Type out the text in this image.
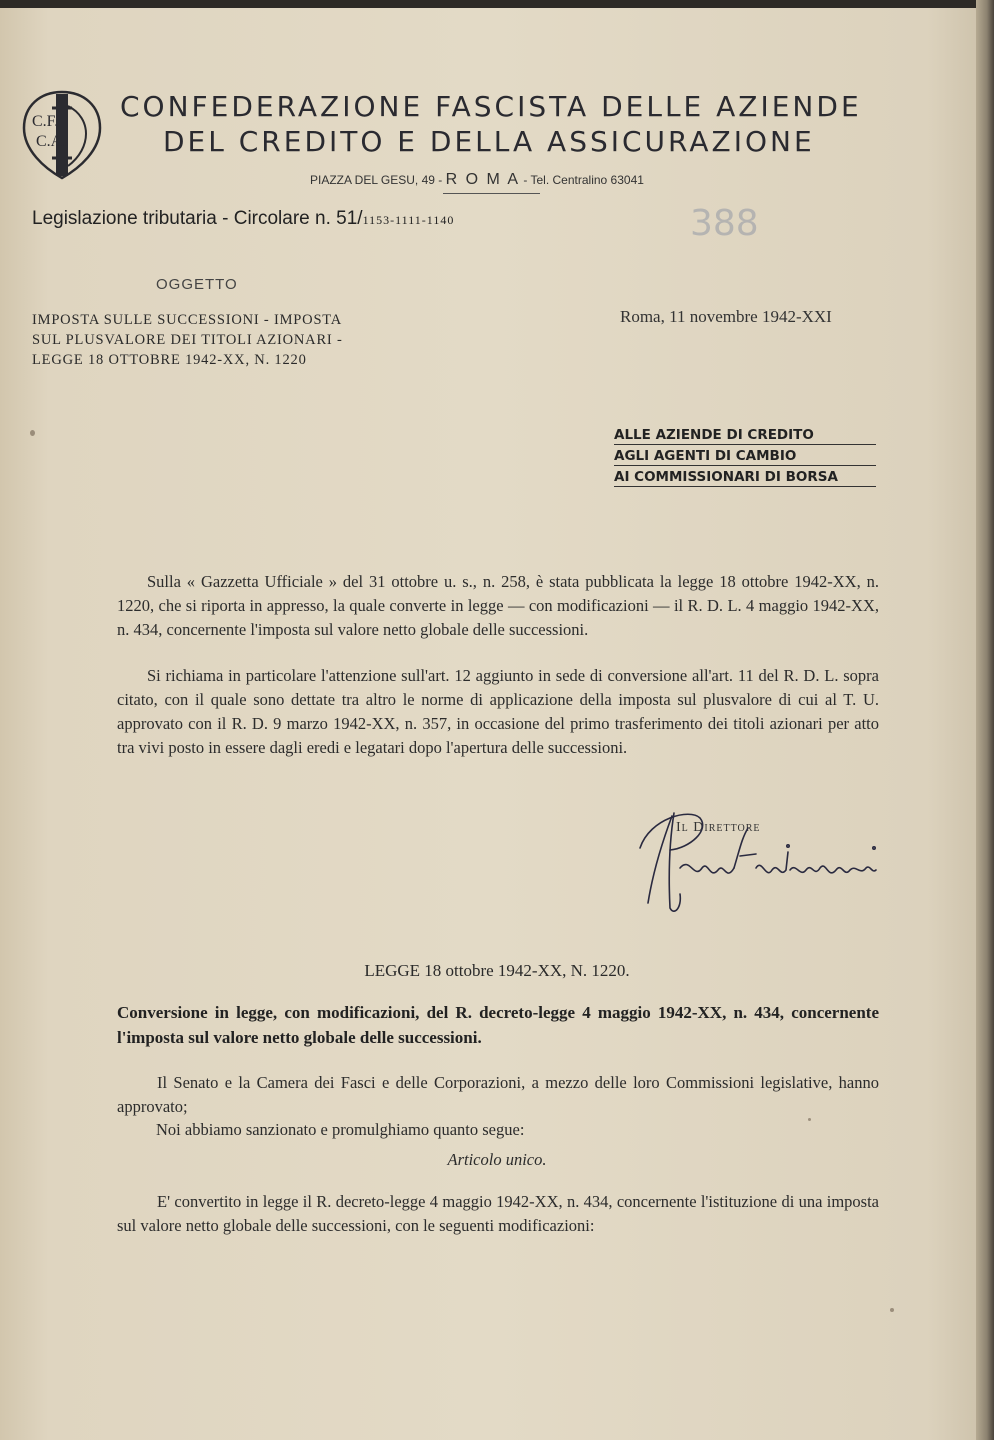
C.F.
C.A.
CONFEDERAZIONE FASCISTA DELLE AZIENDE
DEL CREDITO E DELLA ASSICURAZIONE
PIAZZA DEL GESU, 49 - R O M A - Tel. Centralino 63041
Legislazione tributaria - Circolare n. 51/1153-1111-1140	388
OGGETTO
IMPOSTA SULLE SUCCESSIONI - IMPOSTA
SUL PLUSVALORE DEI TITOLI AZIONARI -
LEGGE 18 OTTOBRE 1942-XX, N. 1220
Roma, 11 novembre 1942-XXI
ALLE AZIENDE DI CREDITO
AGLI AGENTI DI CAMBIO
AI COMMISSIONARI DI BORSA
Sulla « Gazzetta Ufficiale » del 31 ottobre u. s., n. 258, è stata pubblicata la legge 18 ottobre 1942-XX, n. 1220, che si riporta in appresso, la quale converte in legge — con modificazioni — il R. D. L. 4 maggio 1942-XX, n. 434, concernente l'imposta sul valore netto globale delle successioni.
Si richiama in particolare l'attenzione sull'art. 12 aggiunto in sede di conversione all'art. 11 del R. D. L. sopra citato, con il quale sono dettate tra altro le norme di applicazione della imposta sul plusvalore di cui al T. U. approvato con il R. D. 9 marzo 1942-XX, n. 357, in occasione del primo trasferimento dei titoli azionari per atto tra vivi posto in essere dagli eredi e legatari dopo l'apertura delle successioni.
Il Direttore
LEGGE 18 ottobre 1942-XX, N. 1220.
Conversione in legge, con modificazioni, del R. decreto-legge 4 maggio 1942-XX, n. 434, concernente l'imposta sul valore netto globale delle successioni.
Il Senato e la Camera dei Fasci e delle Corporazioni, a mezzo delle loro Commissioni legislative, hanno approvato;
Noi abbiamo sanzionato e promulghiamo quanto segue:
Articolo unico.
E' convertito in legge il R. decreto-legge 4 maggio 1942-XX, n. 434, concernente l'istituzione di una imposta sul valore netto globale delle successioni, con le seguenti modificazioni:
